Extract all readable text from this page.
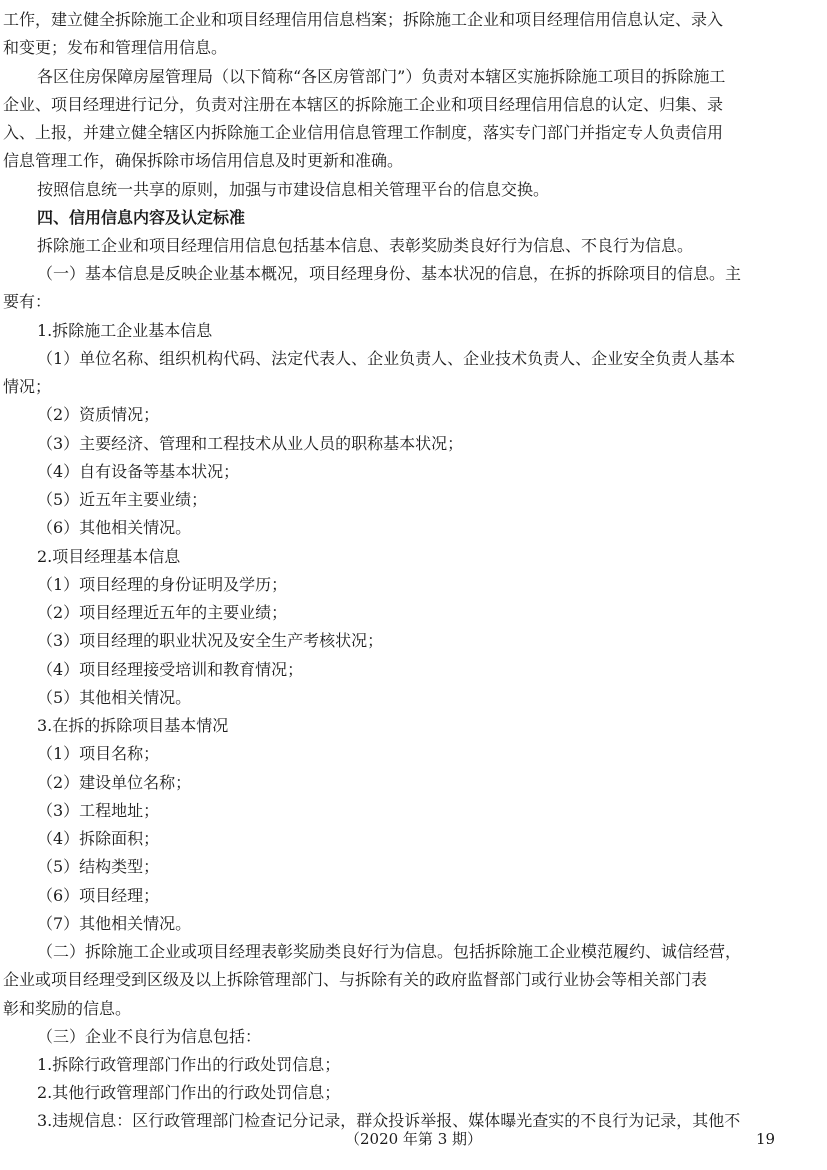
工作，建立健全拆除施工企业和项目经理信用信息档案；拆除施工企业和项目经理信用信息认定、录入
和变更；发布和管理信用信息。
各区住房保障房屋管理局（以下简称“各区房管部门”）负责对本辖区实施拆除施工项目的拆除施工
企业、项目经理进行记分，负责对注册在本辖区的拆除施工企业和项目经理信用信息的认定、归集、录
入、上报，并建立健全辖区内拆除施工企业信用信息管理工作制度，落实专门部门并指定专人负责信用
信息管理工作，确保拆除市场信用信息及时更新和准确。
按照信息统一共享的原则，加强与市建设信息相关管理平台的信息交换。
四、信用信息内容及认定标准
拆除施工企业和项目经理信用信息包括基本信息、表彰奖励类良好行为信息、不良行为信息。
（一）基本信息是反映企业基本概况，项目经理身份、基本状况的信息，在拆的拆除项目的信息。主
要有：
1.拆除施工企业基本信息
（1）单位名称、组织机构代码、法定代表人、企业负责人、企业技术负责人、企业安全负责人基本
情况；
（2）资质情况；
（3）主要经济、管理和工程技术从业人员的职称基本状况；
（4）自有设备等基本状况；
（5）近五年主要业绩；
（6）其他相关情况。
2.项目经理基本信息
（1）项目经理的身份证明及学历；
（2）项目经理近五年的主要业绩；
（3）项目经理的职业状况及安全生产考核状况；
（4）项目经理接受培训和教育情况；
（5）其他相关情况。
3.在拆的拆除项目基本情况
（1）项目名称；
（2）建设单位名称；
（3）工程地址；
（4）拆除面积；
（5）结构类型；
（6）项目经理；
（7）其他相关情况。
（二）拆除施工企业或项目经理表彰奖励类良好行为信息。包括拆除施工企业模范履约、诚信经营，
企业或项目经理受到区级及以上拆除管理部门、与拆除有关的政府监督部门或行业协会等相关部门表
彰和奖励的信息。
（三）企业不良行为信息包括：
1.拆除行政管理部门作出的行政处罚信息；
2.其他行政管理部门作出的行政处罚信息；
3.违规信息：区行政管理部门检查记分记录，群众投诉举报、媒体曝光查实的不良行为记录，其他不
（2020 年第 3 期）	19
